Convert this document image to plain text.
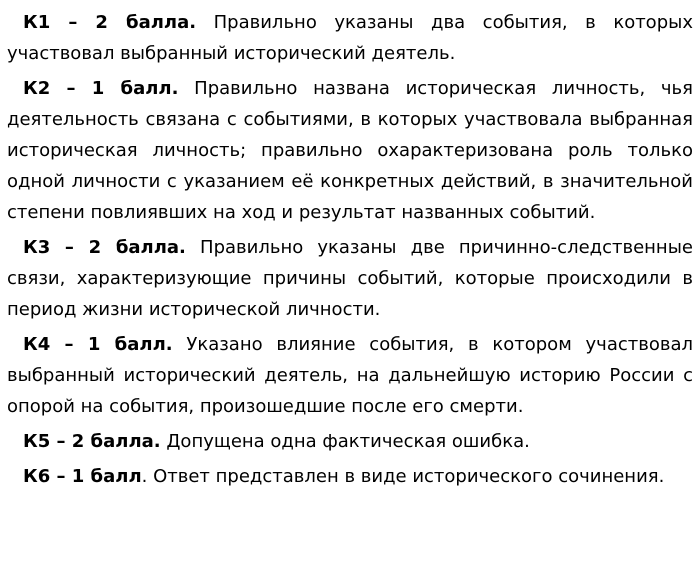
К1 – 2 балла. Правильно указаны два события, в которых участвовал выбранный исторический деятель.

К2 – 1 балл. Правильно названа историческая личность, чья деятельность связана с событиями, в которых участвовала выбранная историческая личность; правильно охарактеризована роль только одной личности с указанием её конкретных действий, в значительной степени повлиявших на ход и результат названных событий.

К3 – 2 балла. Правильно указаны две причинно-следственные связи, характеризующие причины событий, которые происходили в период жизни исторической личности.

К4 – 1 балл. Указано влияние события, в котором участвовал выбранный исторический деятель, на дальнейшую историю России с опорой на события, произошедшие после его смерти.

К5 – 2 балла. Допущена одна фактическая ошибка.

К6 – 1 балл. Ответ представлен в виде исторического сочинения.
